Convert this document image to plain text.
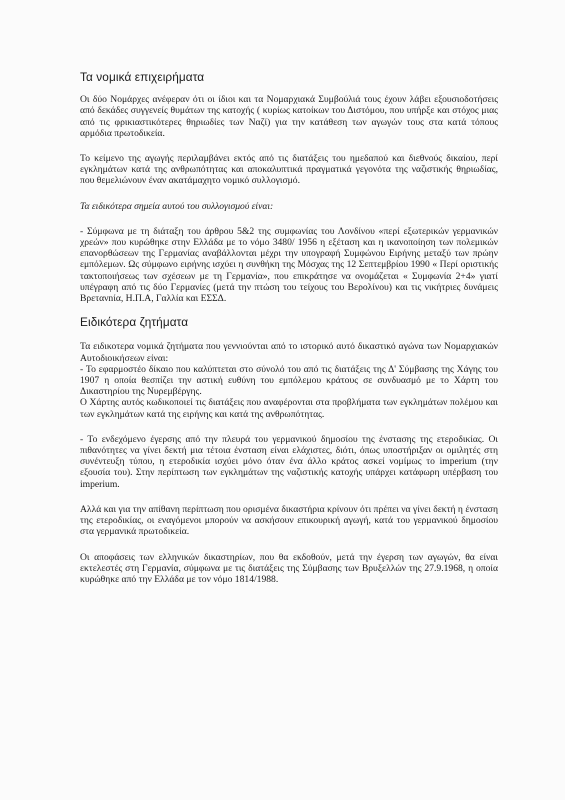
Τα νομικά επιχειρήματα

Οι δύο Νομάρχες ανέφεραν ότι οι ίδιοι και τα Νομαρχιακά Συμβούλιά τους έχουν λάβει εξουσιοδοτήσεις από δεκάδες συγγενείς θυμάτων της κατοχής ( κυρίως κατοίκων του Διστόμου, που υπήρξε και στόχος μιας από τις φρικιαστικότερες θηριωδίες των Ναζί) για την κατάθεση των αγωγών τους στα κατά τόπους αρμόδια πρωτοδικεία.

Το κείμενο της αγωγής περιλαμβάνει εκτός από τις διατάξεις του ημεδαπού και διεθνούς δικαίου, περί εγκλημάτων κατά της ανθρωπότητας και αποκαλυπτικά πραγματικά γεγονότα της ναζιστικής θηριωδίας, που θεμελιώνουν έναν ακατάμαχητο νομικό συλλογισμό.

Τα ειδικότερα σημεία αυτού του συλλογισμού είναι:

- Σύμφωνα με τη διάταξη του άρθρου 5&2 της συμφωνίας του Λονδίνου «περί εξωτερικών γερμανικών χρεών» που κυρώθηκε στην Ελλάδα με το νόμο 3480/ 1956 η εξέταση και η ικανοποίηση των πολεμικών επανορθώσεων της Γερμανίας αναβάλλονται μέχρι την υπογραφή Συμφώνου Ειρήνης μεταξύ των πρώην εμπόλεμων. Ως σύμφωνο ειρήνης ισχύει η συνθήκη της Μόσχας της 12 Σεπτεμβρίου 1990 « Περί οριστικής τακτοποιήσεως των σχέσεων με τη Γερμανία», που επικράτησε να ονομάζεται « Συμφωνία 2+4» γιατί υπέγραφη από τις δύο Γερμανίες (μετά την πτώση του τείχους του Βερολίνου) και τις νικήτριες δυνάμεις Βρετανnία, Η.Π.Α, Γαλλία και ΕΣΣΔ.

Ειδικότερα ζητήματα

Τα ειδικοτερα νομικά ζητήματα που γεννιούνται από το ιστορικό αυτό δικαστικό αγώνα των Νομαρχιακών Αυτοδιοικήσεων είναι:

- Το εφαρμοστέο δίκαιο που καλύπτεται στο σύνολό του από τις διατάξεις της Δ' Σύμβασης της Χάγης του 1907 η οποία θεσπίζει την αστική ευθύνη του εμπόλεμου κράτους σε συνδυασμό με το Χάρτη του Δικαστηρίου της Νυρεμβέργης.

Ο Χάρτης αυτός κωδικοποιεί τις διατάξεις που αναφέρονται στα προβλήματα των εγκλημάτων πολέμου και των εγκλημάτων κατά της ειρήνης και κατά της ανθρωπότητας.

- Το ενδεχόμενο έγερσης από την πλευρά του γερμανικού δημοσίου της ένστασης της ετεροδικίας. Οι πιθανότητες να γίνει δεκτή μια τέτοια ένσταση είναι ελάχιστες, διότι, όπως υποστήριξαν οι ομιλητές στη συνέντευξη τύπου, η ετεροδικία ισχύει μόνο όταν ένα άλλο κράτος ασκεί νομίμως το imperium (την εξουσία του). Στην περίπτωση των εγκλημάτων της ναζιστικής κατοχής υπάρχει κατάφωρη υπέρβαση του imperium.

Αλλά και για την απίθανη περίπτωση που ορισμένα δικαστήρια κρίνουν ότι πρέπει να γίνει δεκτή η ένσταση της ετεροδικίας, οι εναγόμενοι μπορούν να ασκήσουν επικουρική αγωγή, κατά του γερμανικού δημοσίου στα γερμανικά πρωτοδικεία.

Οι αποφάσεις των ελληνικών δικαστηρίων, που θα εκδοθούν, μετά την έγερση των αγωγών, θα είναι εκτελεστές στη Γερμανία, σύμφωνα με τις διατάξεις της Σύμβασης των Βρυξελλών της 27.9.1968, η οποία κυρώθηκε από την Ελλάδα με τον νόμο 1814/1988.
